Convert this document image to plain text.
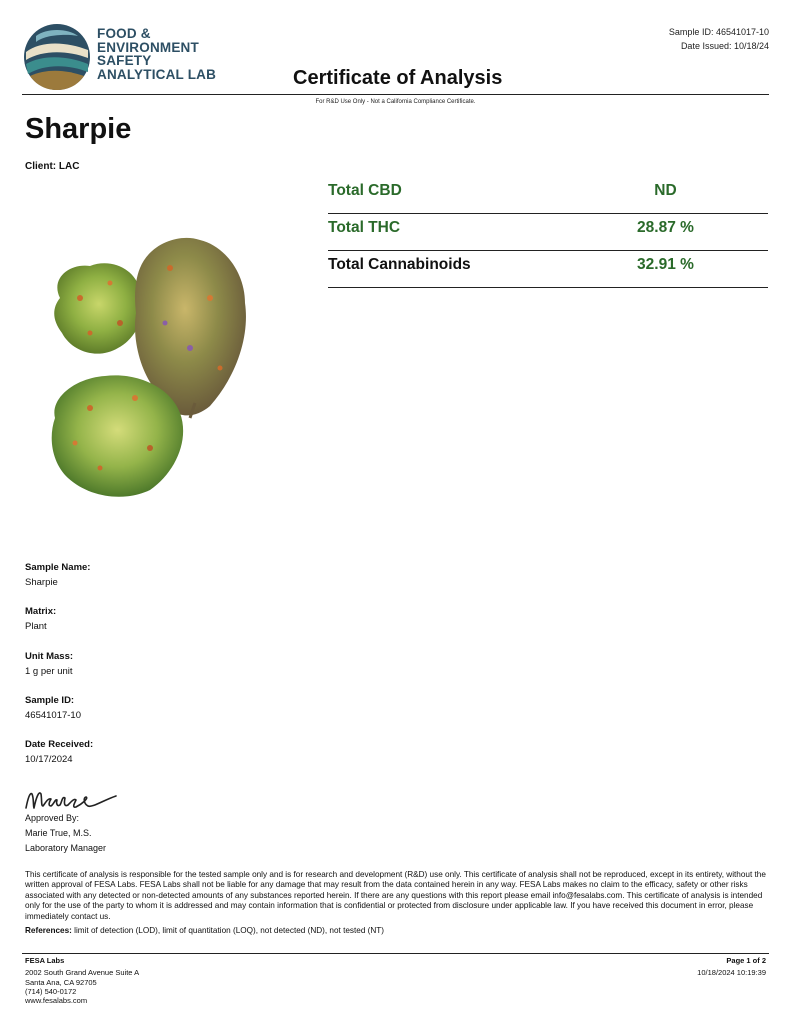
FOOD &
ENVIRONMENT
SAFETY
ANALYTICAL LAB
Sample ID: 46541017-10
Date Issued: 10/18/24
Certificate of Analysis
For R&D Use Only - Not a California Compliance Certificate.
Sharpie
Client: LAC
Total CBD	ND
Total THC	28.87 %
Total Cannabinoids	32.91 %
Sample Name:
Sharpie
Matrix:
Plant
Unit Mass:
1 g per unit
Sample ID:
46541017-10
Date Received:
10/17/2024
Approved By:
Marie True, M.S.
Laboratory Manager
This certificate of analysis is responsible for the tested sample only and is for research and development (R&D) use only. This certificate of analysis shall not be reproduced, except in its entirety, without the written approval of FESA Labs. FESA Labs shall not be liable for any damage that may result from the data contained herein in any way. FESA Labs makes no claim to the efficacy, safety or other risks associated with any detected or non-detected amounts of any substances reported herein. If there are any questions with this report please email info@fesalabs.com. This certificate of analysis is intended only for the use of the party to whom it is addressed and may contain information that is confidential or protected from disclosure under applicable law. If you have received this document in error, please immediately contact us.
References: limit of detection (LOD), limit of quantitation (LOQ), not detected (ND), not tested (NT)
FESA Labs
2002 South Grand Avenue Suite A
Santa Ana, CA 92705
(714) 540-0172
www.fesalabs.com
Page 1 of 2
10/18/2024 10:19:39
